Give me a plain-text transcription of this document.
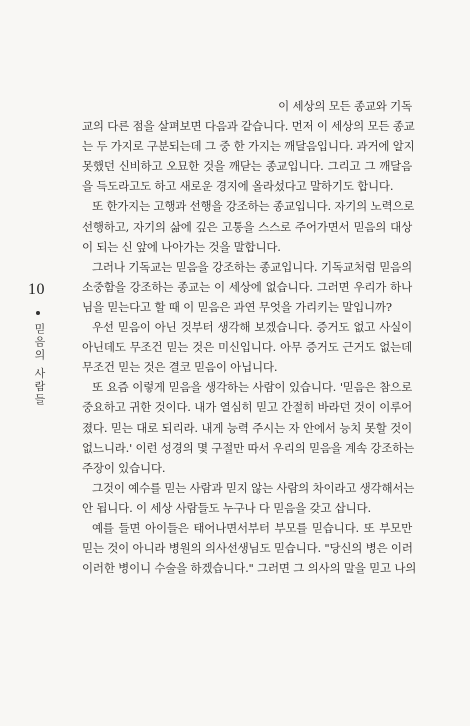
10
믿음의 사람들
이 세상의 모든 종교와 기독
교의 다른 점을 살펴보면 다음과 같습니다. 먼저 이 세상의 모든 종교
는 두 가지로 구분되는데 그 중 한 가지는 깨달음입니다. 과거에 알지
못했던 신비하고 오묘한 것을 깨닫는 종교입니다. 그리고 그 깨달음
을 득도라고도 하고 새로운 경지에 올라섰다고 말하기도 합니다.
또 한가지는 고행과 선행을 강조하는 종교입니다. 자기의 노력으로
선행하고, 자기의 삶에 깊은 고통을 스스로 주어가면서 믿음의 대상
이 되는 신 앞에 나아가는 것을 말합니다.
그러나 기독교는 믿음을 강조하는 종교입니다. 기독교처럼 믿음의
소중함을 강조하는 종교는 이 세상에 없습니다. 그러면 우리가 하나
님을 믿는다고 할 때 이 믿음은 과연 무엇을 가리키는 말입니까?
우선 믿음이 아닌 것부터 생각해 보겠습니다. 증거도 없고 사실이
아닌데도 무조건 믿는 것은 미신입니다. 아무 증거도 근거도 없는데
무조건 믿는 것은 결코 믿음이 아닙니다.
또 요즘 이렇게 믿음을 생각하는 사람이 있습니다. '믿음은 참으로
중요하고 귀한 것이다. 내가 열심히 믿고 간절히 바라던 것이 이루어
졌다. 믿는 대로 되리라. 내게 능력 주시는 자 안에서 능치 못할 것이
없느니라.' 이런 성경의 몇 구절만 따서 우리의 믿음을 계속 강조하는
주장이 있습니다.
그것이 예수를 믿는 사람과 믿지 않는 사람의 차이라고 생각해서는
안 됩니다. 이 세상 사람들도 누구나 다 믿음을 갖고 삽니다.
예를 들면 아이들은 태어나면서부터 부모를 믿습니다. 또 부모만
믿는 것이 아니라 병원의 의사선생님도 믿습니다. "당신의 병은 이러
이러한 병이니 수술을 하겠습니다." 그러면 그 의사의 말을 믿고 나의
